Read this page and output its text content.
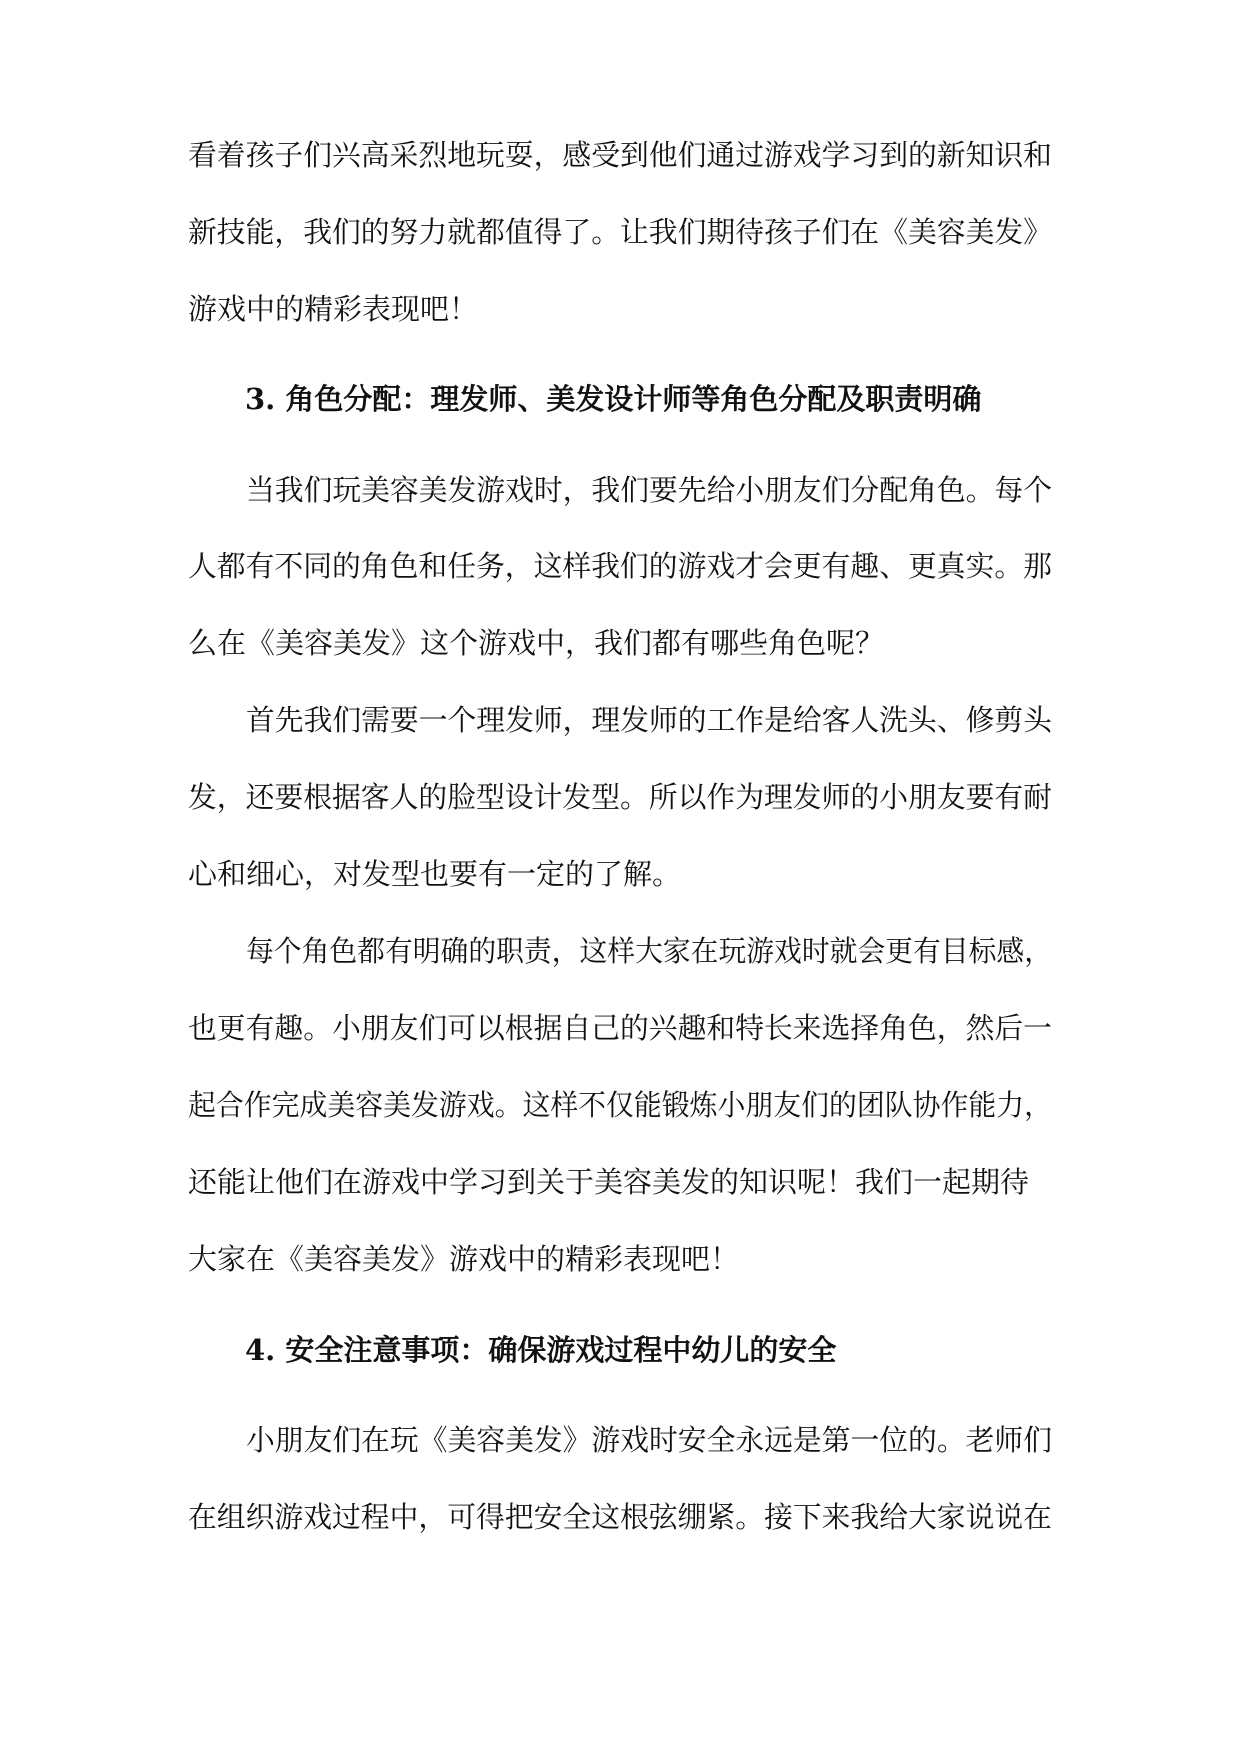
看着孩子们兴高采烈地玩耍，感受到他们通过游戏学习到的新知识和
新技能，我们的努力就都值得了。让我们期待孩子们在《美容美发》
游戏中的精彩表现吧！
3. 角色分配：理发师、美发设计师等角色分配及职责明确
当我们玩美容美发游戏时，我们要先给小朋友们分配角色。每个
人都有不同的角色和任务，这样我们的游戏才会更有趣、更真实。那
么在《美容美发》这个游戏中，我们都有哪些角色呢？
首先我们需要一个理发师，理发师的工作是给客人洗头、修剪头
发，还要根据客人的脸型设计发型。所以作为理发师的小朋友要有耐
心和细心，对发型也要有一定的了解。
每个角色都有明确的职责，这样大家在玩游戏时就会更有目标感，
也更有趣。小朋友们可以根据自己的兴趣和特长来选择角色，然后一
起合作完成美容美发游戏。这样不仅能锻炼小朋友们的团队协作能力，
还能让他们在游戏中学习到关于美容美发的知识呢！我们一起期待
大家在《美容美发》游戏中的精彩表现吧！
4. 安全注意事项：确保游戏过程中幼儿的安全
小朋友们在玩《美容美发》游戏时安全永远是第一位的。老师们
在组织游戏过程中，可得把安全这根弦绷紧。接下来我给大家说说在
